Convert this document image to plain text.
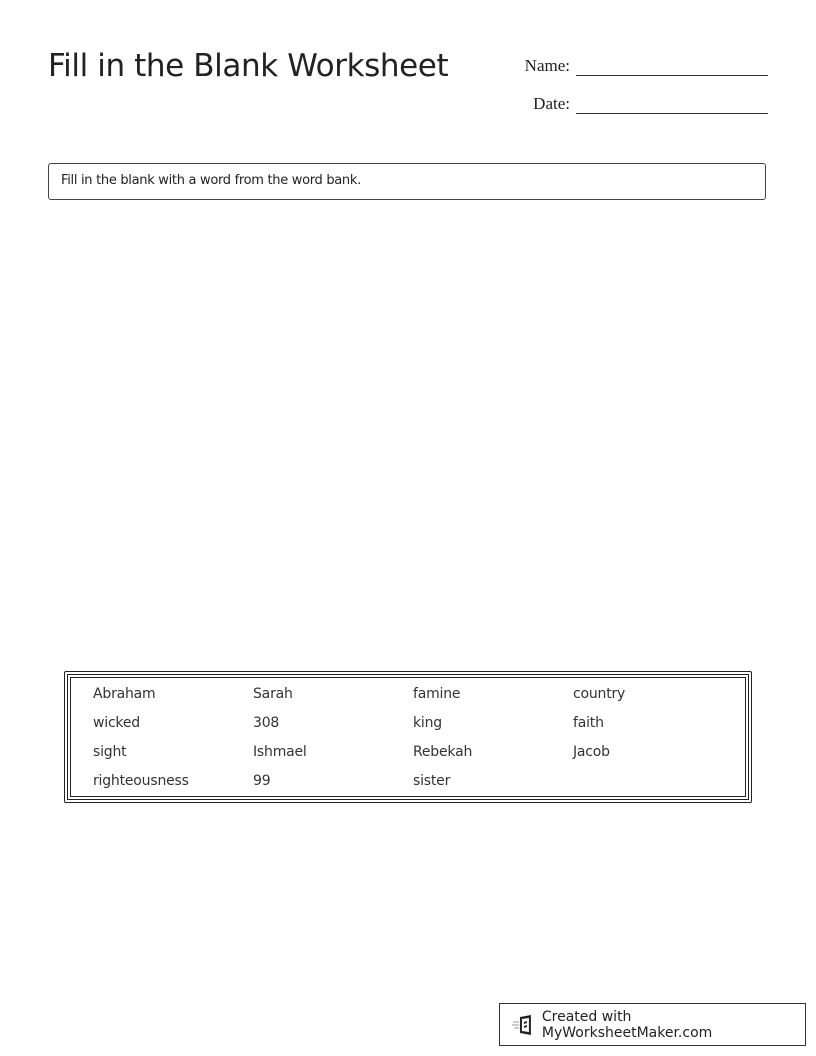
Fill in the Blank Worksheet	Name:
Date:
Fill in the blank with a word from the word bank.
Abraham
wicked
sight
righteousness
Sarah
308
Ishmael
99
famine
king
Rebekah
sister
country
faith
Jacob
Created with MyWorksheetMaker.com
